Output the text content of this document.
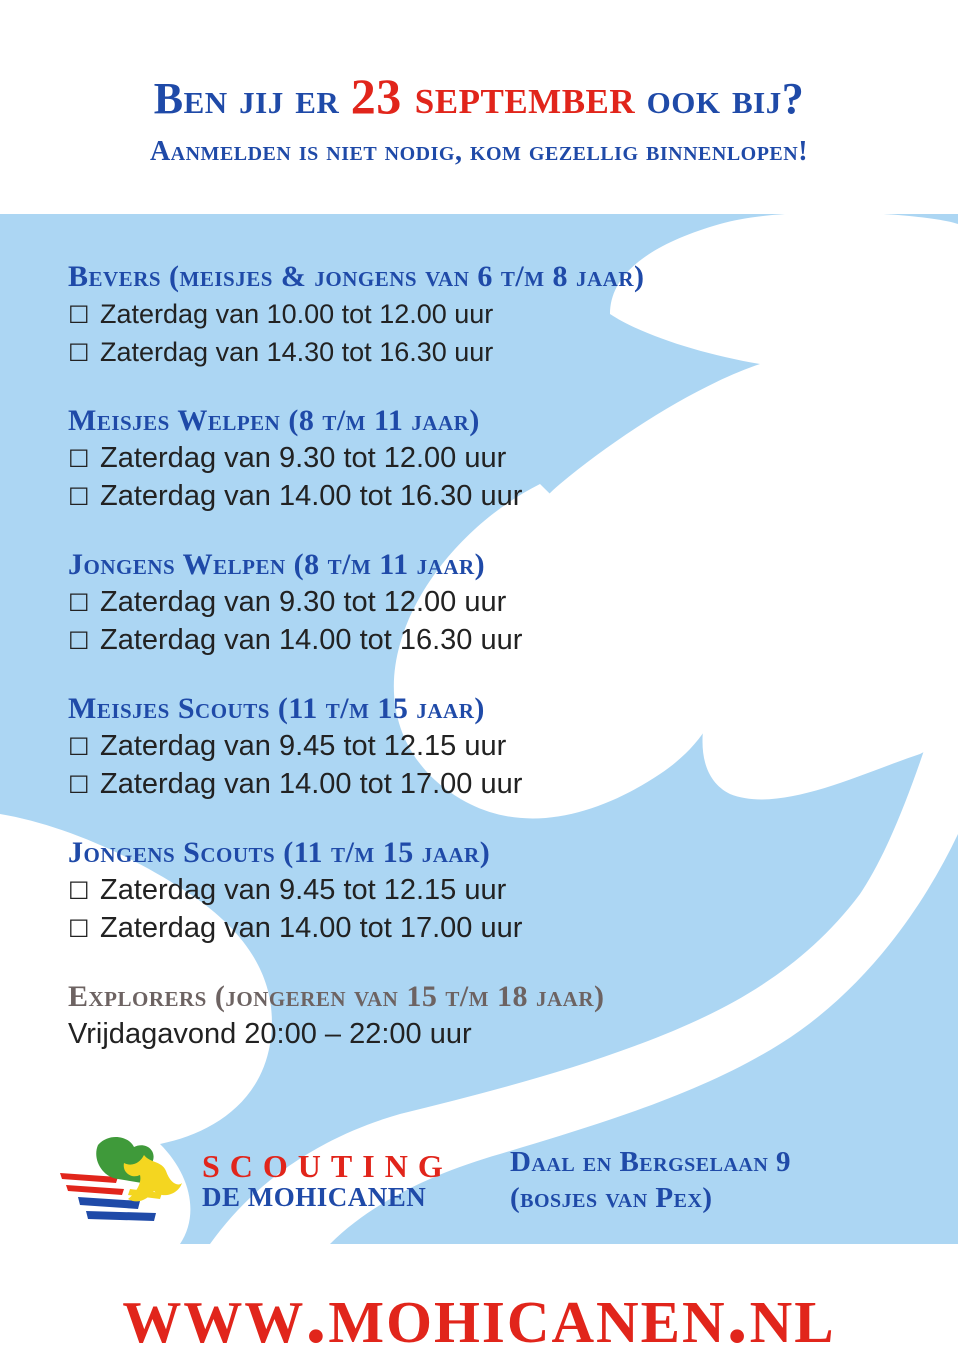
Ben jij er 23 september ook bij?
Aanmelden is niet nodig, kom gezellig binnenlopen!
Bevers (meisjes & jongens van 6 t/m 8 jaar)
☐ Zaterdag van 10.00 tot 12.00 uur
☐ Zaterdag van 14.30 tot 16.30 uur
Meisjes Welpen (8 t/m 11 jaar)
☐ Zaterdag van 9.30 tot 12.00 uur
☐ Zaterdag van 14.00 tot 16.30 uur
Jongens Welpen (8 t/m 11 jaar)
☐ Zaterdag van 9.30 tot 12.00 uur
☐ Zaterdag van 14.00 tot 16.30 uur
Meisjes Scouts (11 t/m 15 jaar)
☐ Zaterdag van 9.45 tot 12.15 uur
☐ Zaterdag van 14.00 tot 17.00 uur
Jongens Scouts (11 t/m 15 jaar)
☐ Zaterdag van 9.45 tot 12.15 uur
☐ Zaterdag van 14.00 tot 17.00 uur
Explorers (jongeren van 15 t/m 18 jaar)
Vrijdagavond 20:00 – 22:00 uur
SCOUTING
DE MOHICANEN
Daal en Bergselaan 9
(bosjes van Pex)
www.mohicanen.nl
